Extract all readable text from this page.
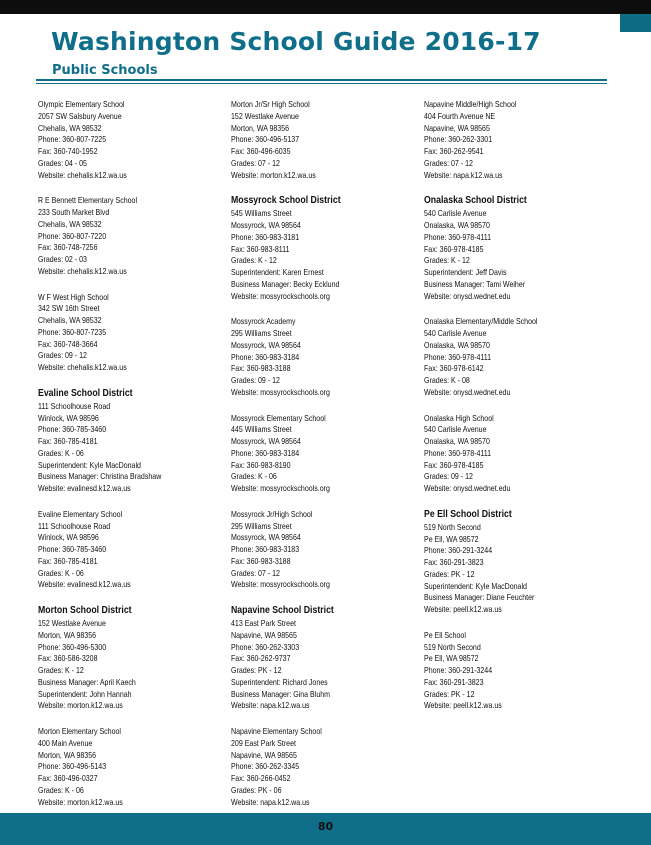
Washington School Guide 2016-17
Public Schools
Olympic Elementary School
2057 SW Salsbury Avenue
Chehalis, WA 98532
Phone: 360-807-7225
Fax: 360-740-1952
Grades: 04 - 05
Website: chehalis.k12.wa.us
R E Bennett Elementary School
233 South Market Blvd
Chehalis, WA 98532
Phone: 360-807-7220
Fax: 360-748-7256
Grades: 02 - 03
Website: chehalis.k12.wa.us
W F West High School
342 SW 16th Street
Chehalis, WA 98532
Phone: 360-807-7235
Fax: 360-748-3664
Grades: 09 - 12
Website: chehalis.k12.wa.us
Evaline School District
111 Schoolhouse Road
Winlock, WA 98596
Phone: 360-785-3460
Fax: 360-785-4181
Grades: K - 06
Superintendent: Kyle MacDonald
Business Manager: Christina Bradshaw
Website: evalinesd.k12.wa.us
Evaline Elementary School
111 Schoolhouse Road
Winlock, WA 98596
Phone: 360-785-3460
Fax: 360-785-4181
Grades: K - 06
Website: evalinesd.k12.wa.us
Morton School District
152 Westlake Avenue
Morton, WA 98356
Phone: 360-496-5300
Fax: 360-586-3208
Grades: K - 12
Business Manager: April Kaech
Superintendent: John Hannah
Website: morton.k12.wa.us
Morton Elementary School
400 Main Avenue
Morton, WA 98356
Phone: 360-496-5143
Fax: 360-496-0327
Grades: K - 06
Website: morton.k12.wa.us
Morton Jr/Sr High School
152 Westlake Avenue
Morton, WA 98356
Phone: 360-496-5137
Fax: 360-496-6035
Grades: 07 - 12
Website: morton.k12.wa.us
Mossyrock School District
545 Williams Street
Mossyrock, WA 98564
Phone: 360-983-3181
Fax: 360-983-8111
Grades: K - 12
Superintendent: Karen Ernest
Business Manager: Becky Ecklund
Website: mossyrockschools.org
Mossyrock Academy
295 Williams Street
Mossyrock, WA 98564
Phone: 360-983-3184
Fax: 360-983-3188
Grades: 09 - 12
Website: mossyrockschools.org
Mossyrock Elementary School
445 Williams Street
Mossyrock, WA 98564
Phone: 360-983-3184
Fax: 360-983-8190
Grades: K - 06
Website: mossyrockschools.org
Mossyrock Jr/High School
295 Williams Street
Mossyrock, WA 98564
Phone: 360-983-3183
Fax: 360-983-3188
Grades: 07 - 12
Website: mossyrockschools.org
Napavine School District
413 East Park Street
Napavine, WA 98565
Phone: 360-262-3303
Fax: 360-262-9737
Grades: PK - 12
Superintendent: Richard Jones
Business Manager: Gina Bluhm
Website: napa.k12.wa.us
Napavine Elementary School
209 East Park Street
Napavine, WA 98565
Phone: 360-262-3345
Fax: 360-266-0452
Grades: PK - 06
Website: napa.k12.wa.us
Napavine Middle/High School
404 Fourth Avenue NE
Napavine, WA 98565
Phone: 360-262-3301
Fax: 360-262-9541
Grades: 07 - 12
Website: napa.k12.wa.us
Onalaska School District
540 Carlisle Avenue
Onalaska, WA 98570
Phone: 360-978-4111
Fax: 360-978-4185
Grades: K - 12
Superintendent: Jeff Davis
Business Manager: Tami Weiher
Website: onysd.wednet.edu
Onalaska Elementary/Middle School
540 Carlisle Avenue
Onalaska, WA 98570
Phone: 360-978-4111
Fax: 360-978-6142
Grades: K - 08
Website: onysd.wednet.edu
Onalaska High School
540 Carlisle Avenue
Onalaska, WA 98570
Phone: 360-978-4111
Fax: 360-978-4185
Grades: 09 - 12
Website: onysd.wednet.edu
Pe Ell School District
519 North Second
Pe Ell, WA 98572
Phone: 360-291-3244
Fax: 360-291-3823
Grades: PK - 12
Superintendent: Kyle MacDonald
Business Manager: Diane Feuchter
Website: peell.k12.wa.us
Pe Ell School
519 North Second
Pe Ell, WA 98572
Phone: 360-291-3244
Fax: 360-291-3823
Grades: PK - 12
Website: peell.k12.wa.us
80
